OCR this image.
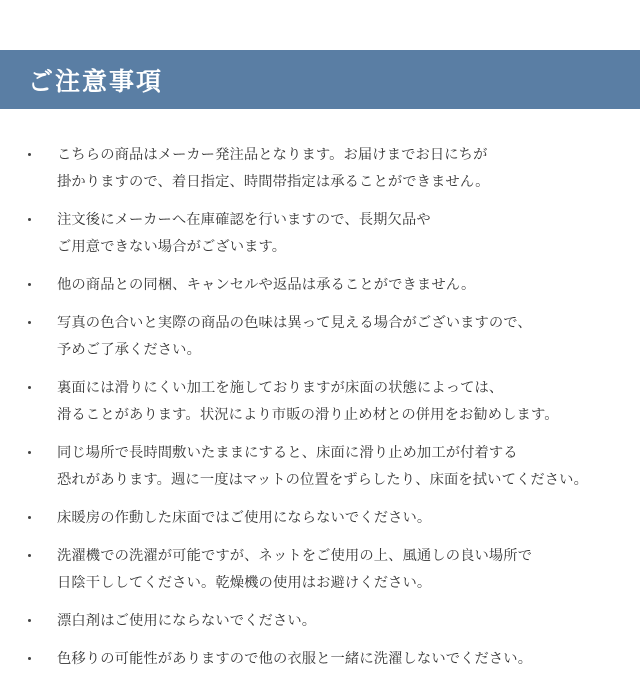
ご注意事項
こちらの商品はメーカー発注品となります。お届けまでお日にちが
掛かりますので、着日指定、時間帯指定は承ることができません。
注文後にメーカーへ在庫確認を行いますので、長期欠品や
ご用意できない場合がございます。
他の商品との同梱、キャンセルや返品は承ることができません。
写真の色合いと実際の商品の色味は異って見える場合がございますので、
予めご了承ください。
裏面には滑りにくい加工を施しておりますが床面の状態によっては、
滑ることがあります。状況により市販の滑り止め材との併用をお勧めします。
同じ場所で長時間敷いたままにすると、床面に滑り止め加工が付着する
恐れがあります。週に一度はマットの位置をずらしたり、床面を拭いてください。
床暖房の作動した床面ではご使用にならないでください。
洗濯機での洗濯が可能ですが、ネットをご使用の上、風通しの良い場所で
日陰干ししてください。乾燥機の使用はお避けください。
漂白剤はご使用にならないでください。
色移りの可能性がありますので他の衣服と一緒に洗濯しないでください。
